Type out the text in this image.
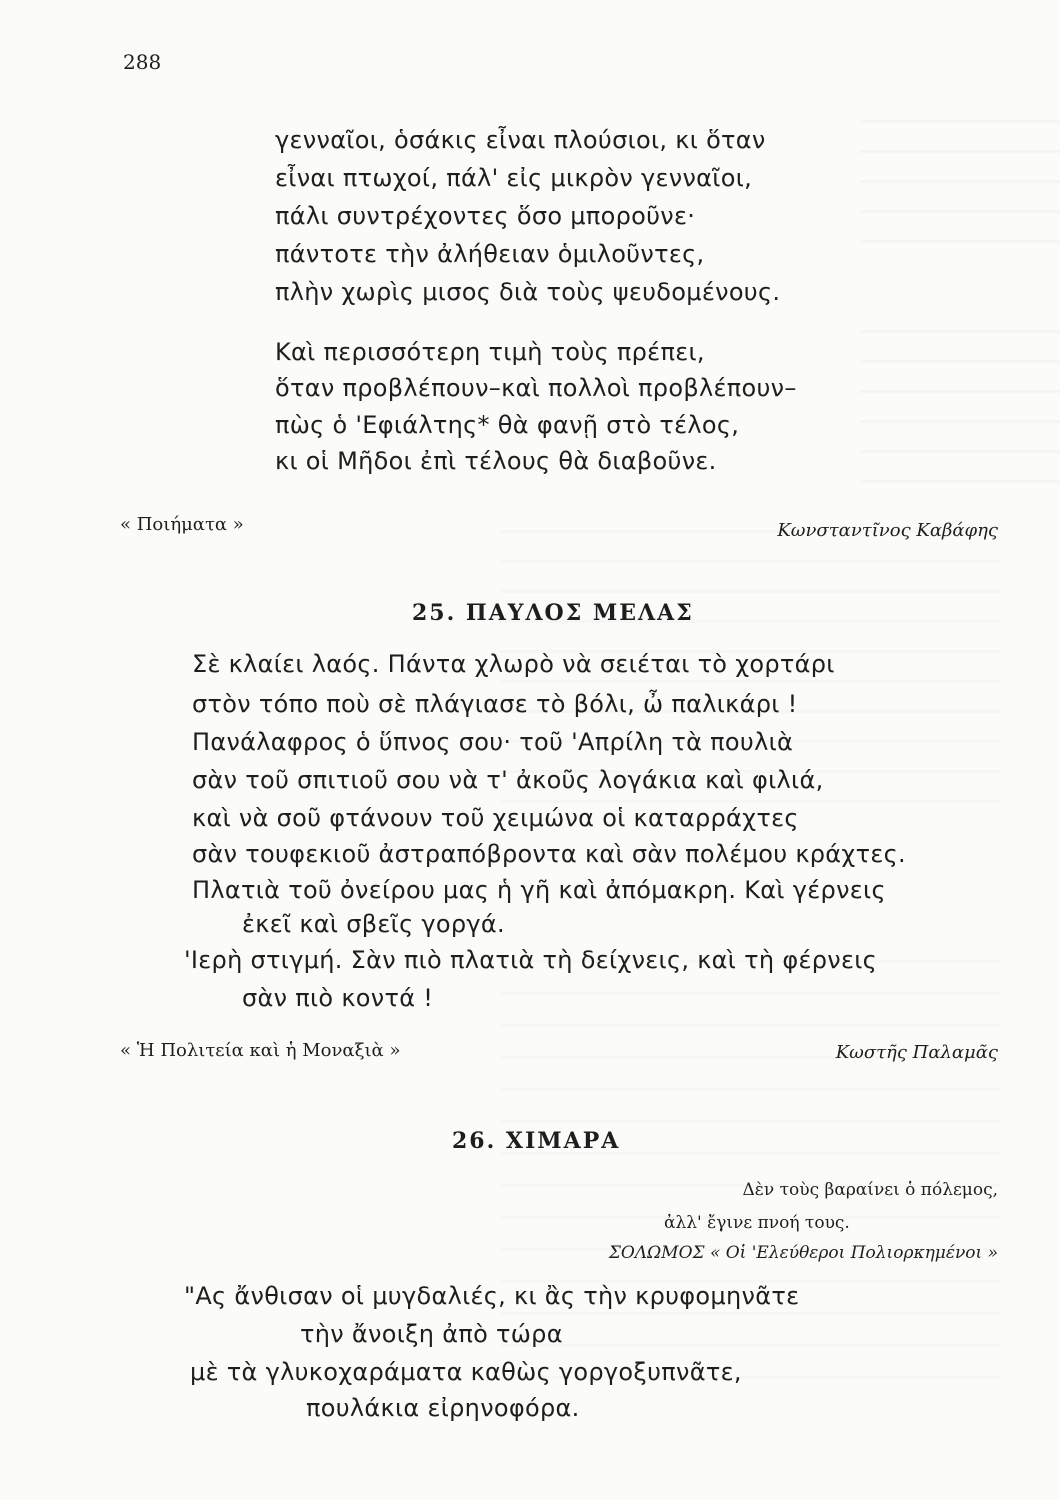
288
γενναῖοι, ὁσάκις εἶναι πλούσιοι, κι ὅταν
εἶναι πτωχοί, πάλ' εἰς μικρὸν γενναῖοι,
πάλι συντρέχοντες ὅσο μποροῦνε·
πάντοτε τὴν ἀλήθειαν ὁμιλοῦντες,
πλὴν χωρὶς μισος διὰ τοὺς ψευδομένους.
Καὶ περισσότερη τιμὴ τοὺς πρέπει,
ὅταν προβλέπουν–καὶ πολλοὶ προβλέπουν–
πὼς ὁ 'Εφιάλτης* θὰ φανῇ στὸ τέλος,
κι οἱ Μῆδοι ἐπὶ τέλους θὰ διαβοῦνε.
« Ποιήματα »	Κωνσταντῖνος Καβάφης
25. ΠΑΥΛΟΣ ΜΕΛΑΣ
Σὲ κλαίει λαός. Πάντα χλωρὸ νὰ σειέται τὸ χορτάρι
στὸν τόπο ποὺ σὲ πλάγιασε τὸ βόλι, ὦ παλικάρι !
Πανάλαφρος ὁ ὕπνος σου· τοῦ 'Απρίλη τὰ πουλιὰ
σὰν τοῦ σπιτιοῦ σου νὰ τ' ἀκοῦς λογάκια καὶ φιλιά,
καὶ νὰ σοῦ φτάνουν τοῦ χειμώνα οἱ καταρράχτες
σὰν τουφεκιοῦ ἀστραπόβροντα καὶ σὰν πολέμου κράχτες.
Πλατιὰ τοῦ ὀνείρου μας ἡ γῆ καὶ ἀπόμακρη. Καὶ γέρνεις
ἐκεῖ καὶ σβεῖς γοργά.
'Ιερὴ στιγμή. Σὰν πιὸ πλατιὰ τὴ δείχνεις, καὶ τὴ φέρνεις
σὰν πιὸ κοντά !
« Ἡ Πολιτεία καὶ ἡ Μοναξιὰ »	Κωστῆς Παλαμᾶς
26. ΧΙΜΑΡΑ
Δὲν τοὺς βαραίνει ὁ πόλεμος,
ἀλλ' ἔγινε πνοή τους.
ΣΟΛΩΜΟΣ « Οἱ 'Ελεύθεροι Πολιορκημένοι »
"Ας ἄνθισαν οἱ μυγδαλιές, κι ἂς τὴν κρυφομηνᾶτε
τὴν ἄνοιξη ἀπὸ τώρα
μὲ τὰ γλυκοχαράματα καθὼς γοργοξυπνᾶτε,
πουλάκια εἰρηνοφόρα.
